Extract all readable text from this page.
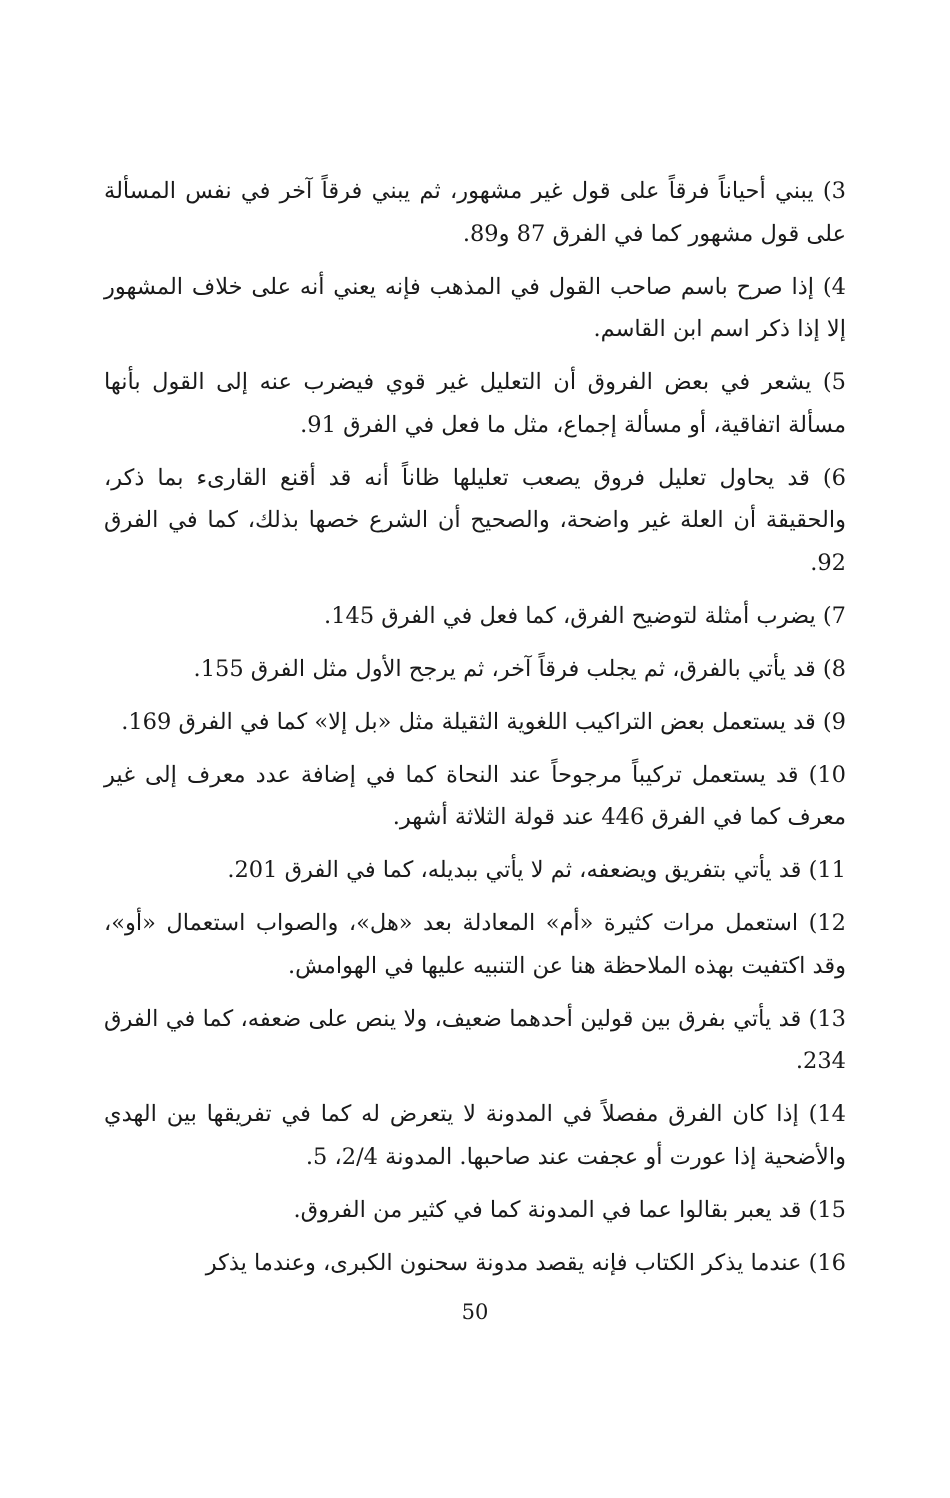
3) يبني أحياناً فرقاً على قول غير مشهور، ثم يبني فرقاً آخر في نفس المسألة على قول مشهور كما في الفرق 87 و89.

4) إذا صرح باسم صاحب القول في المذهب فإنه يعني أنه على خلاف المشهور إلا إذا ذكر اسم ابن القاسم.

5) يشعر في بعض الفروق أن التعليل غير قوي فيضرب عنه إلى القول بأنها مسألة اتفاقية، أو مسألة إجماع، مثل ما فعل في الفرق 91.

6) قد يحاول تعليل فروق يصعب تعليلها ظاناً أنه قد أقنع القارىء بما ذكر، والحقيقة أن العلة غير واضحة، والصحيح أن الشرع خصها بذلك، كما في الفرق 92.

7) يضرب أمثلة لتوضيح الفرق، كما فعل في الفرق 145.

8) قد يأتي بالفرق، ثم يجلب فرقاً آخر، ثم يرجح الأول مثل الفرق 155.

9) قد يستعمل بعض التراكيب اللغوية الثقيلة مثل «بل إلا» كما في الفرق 169.

10) قد يستعمل تركيباً مرجوحاً عند النحاة كما في إضافة عدد معرف إلى غير معرف كما في الفرق 446 عند قولة الثلاثة أشهر.

11) قد يأتي بتفريق ويضعفه، ثم لا يأتي ببديله، كما في الفرق 201.

12) استعمل مرات كثيرة «أم» المعادلة بعد «هل»، والصواب استعمال «أو»، وقد اكتفيت بهذه الملاحظة هنا عن التنبيه عليها في الهوامش.

13) قد يأتي بفرق بين قولين أحدهما ضعيف، ولا ينص على ضعفه، كما في الفرق 234.

14) إذا كان الفرق مفصلاً في المدونة لا يتعرض له كما في تفريقها بين الهدي والأضحية إذا عورت أو عجفت عند صاحبها. المدونة 2/4، 5.

15) قد يعبر بقالوا عما في المدونة كما في كثير من الفروق.

16) عندما يذكر الكتاب فإنه يقصد مدونة سحنون الكبرى، وعندما يذكر

50
